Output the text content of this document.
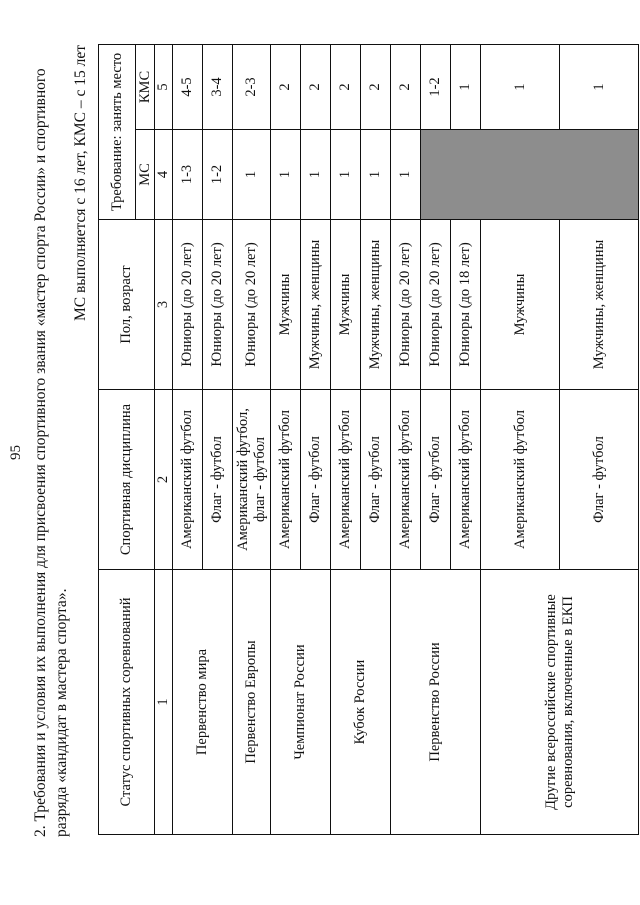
95 2. Требования и условия их выполнения для присвоения спортивного звания «мастер спорта России» и спортивного разряда «кандидат в мастера спорта».
МС выполняется с 16 лет, КМС – с 15 лет
Статус спортивных соревнований	Спортивная дисциплина	Пол, возраст	Требование: занять место	
			МС	КМС
1	2	3	4	5
Первенство мира	Американский футбол	Юниоры (до 20 лет)	1-3	4-5
	Флаг - футбол	Юниоры (до 20 лет)	1-2	3-4
Первенство Европы	Американский футбол, флаг - футбол	Юниоры (до 20 лет)	1	2-3
Чемпионат России	Американский футбол	Мужчины	1	2
	Флаг - футбол	Мужчины, женщины	1	2
Кубок России	Американский футбол	Мужчины	1	2
	Флаг - футбол	Мужчины, женщины	1	2
Первенство России	Американский футбол	Юниоры (до 20 лет)	1	2
	Флаг - футбол	Юниоры (до 20 лет)		1-2
	Американский футбол	Юниоры (до 18 лет)		1
Другие всероссийские спортивные соревнования, включенные в ЕКП	Американский футбол	Мужчины		1
	Флаг - футбол	Мужчины, женщины		1
